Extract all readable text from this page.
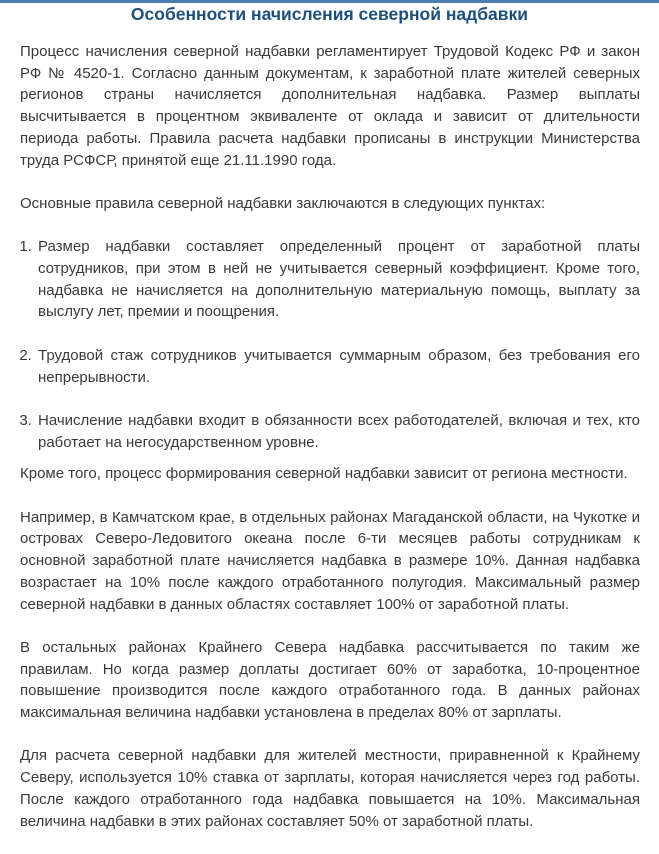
Особенности начисления северной надбавки

Процесс начисления северной надбавки регламентирует Трудовой Кодекс РФ и закон РФ № 4520-1. Согласно данным документам, к заработной плате жителей северных регионов страны начисляется дополнительная надбавка. Размер выплаты высчитывается в процентном эквиваленте от оклада и зависит от длительности периода работы. Правила расчета надбавки прописаны в инструкции Министерства труда РСФСР, принятой еще 21.11.1990 года.

Основные правила северной надбавки заключаются в следующих пунктах:

1. Размер надбавки составляет определенный процент от заработной платы сотрудников, при этом в ней не учитывается северный коэффициент. Кроме того, надбавка не начисляется на дополнительную материальную помощь, выплату за выслугу лет, премии и поощрения.
2. Трудовой стаж сотрудников учитывается суммарным образом, без требования его непрерывности.
3. Начисление надбавки входит в обязанности всех работодателей, включая и тех, кто работает на негосударственном уровне.

Кроме того, процесс формирования северной надбавки зависит от региона местности.

Например, в Камчатском крае, в отдельных районах Магаданской области, на Чукотке и островах Северо-Ледовитого океана после 6-ти месяцев работы сотрудникам к основной заработной плате начисляется надбавка в размере 10%. Данная надбавка возрастает на 10% после каждого отработанного полугодия. Максимальный размер северной надбавки в данных областях составляет 100% от заработной платы.

В остальных районах Крайнего Севера надбавка рассчитывается по таким же правилам. Но когда размер доплаты достигает 60% от заработка, 10-процентное повышение производится после каждого отработанного года. В данных районах максимальная величина надбавки установлена в пределах 80% от зарплаты.

Для расчета северной надбавки для жителей местности, приравненной к Крайнему Северу, используется 10% ставка от зарплаты, которая начисляется через год работы. После каждого отработанного года надбавка повышается на 10%. Максимальная величина надбавки в этих районах составляет 50% от заработной платы.
